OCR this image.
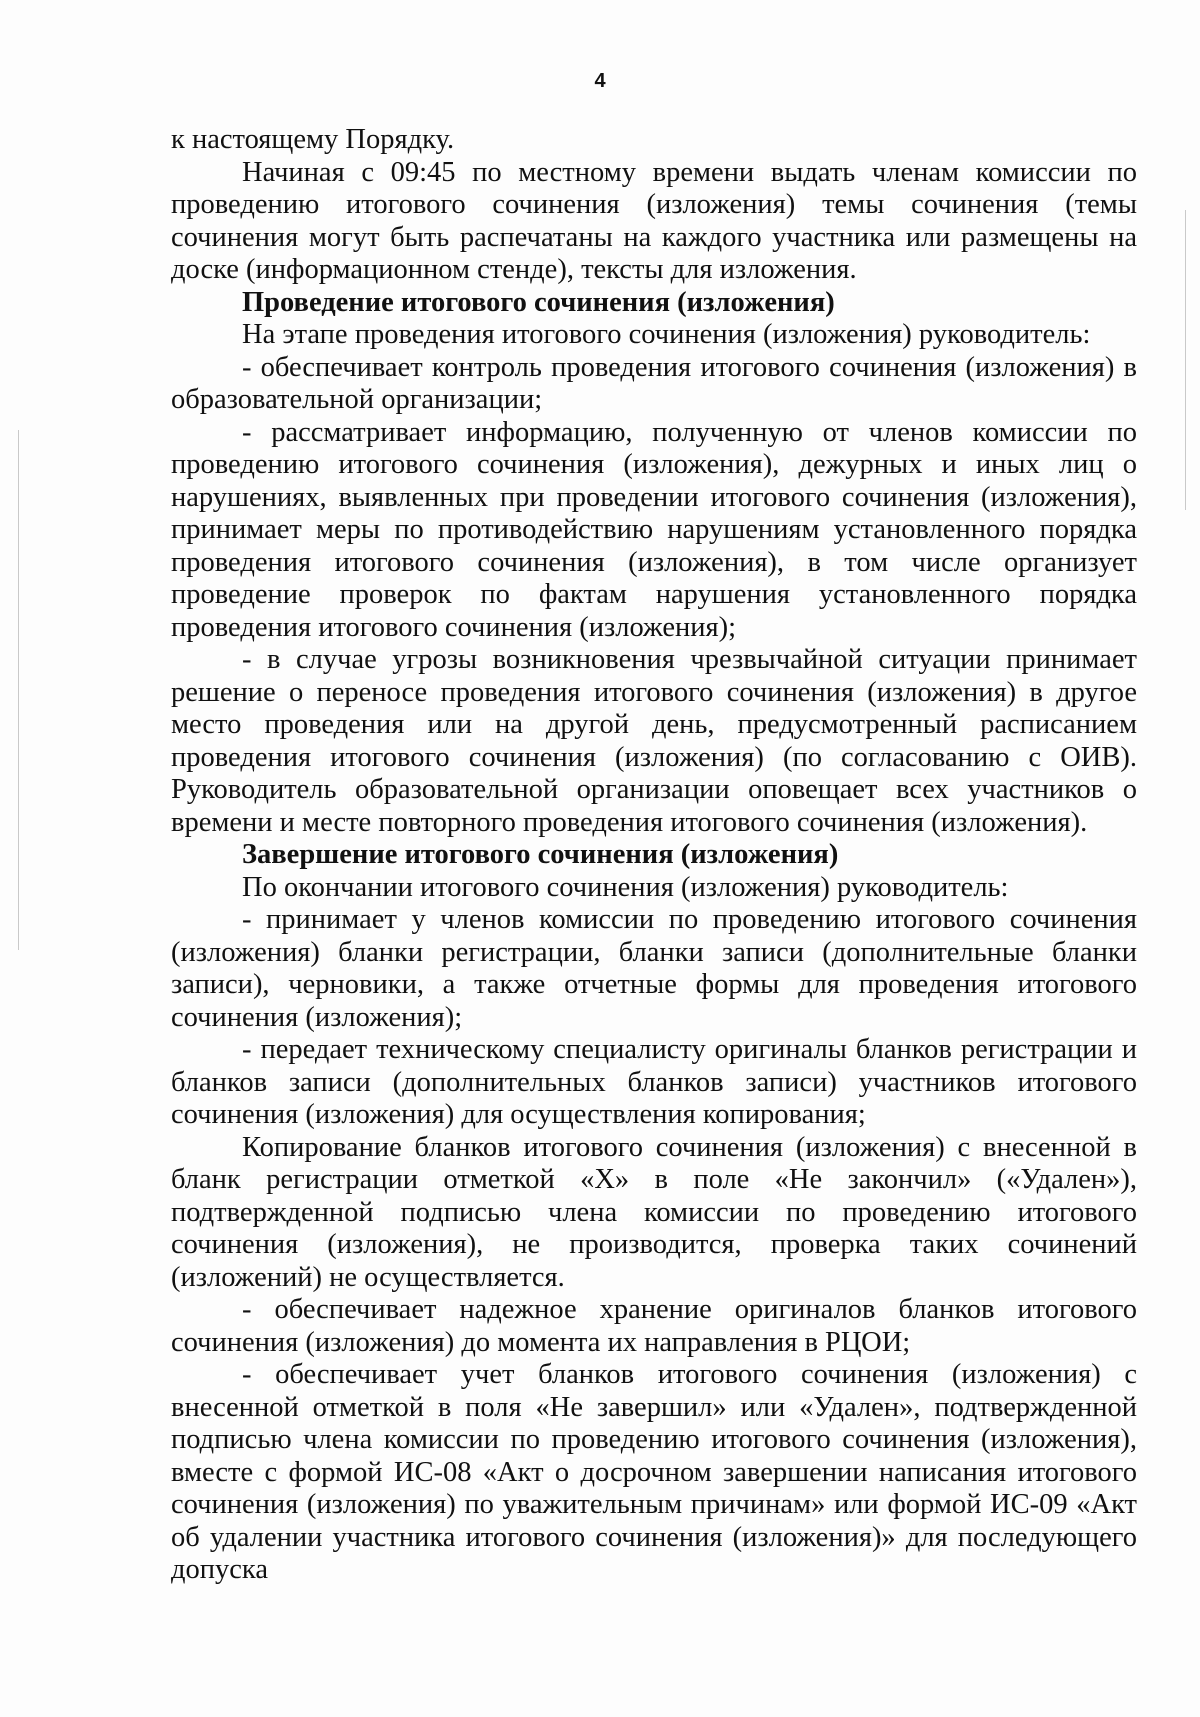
4

к настоящему Порядку.

Начиная с 09:45 по местному времени выдать членам комиссии по проведению итогового сочинения (изложения) темы сочинения (темы сочинения могут быть распечатаны на каждого участника или размещены на доске (информационном стенде), тексты для изложения.

Проведение итогового сочинения (изложения)

На этапе проведения итогового сочинения (изложения) руководитель:

- обеспечивает контроль проведения итогового сочинения (изложения) в образовательной организации;

- рассматривает информацию, полученную от членов комиссии по проведению итогового сочинения (изложения), дежурных и иных лиц о нарушениях, выявленных при проведении итогового сочинения (изложения), принимает меры по противодействию нарушениям установленного порядка проведения итогового сочинения (изложения), в том числе организует проведение проверок по фактам нарушения установленного порядка проведения итогового сочинения (изложения);

- в случае угрозы возникновения чрезвычайной ситуации принимает решение о переносе проведения итогового сочинения (изложения) в другое место проведения или на другой день, предусмотренный расписанием проведения итогового сочинения (изложения) (по согласованию с ОИВ). Руководитель образовательной организации оповещает всех участников о времени и месте повторного проведения итогового сочинения (изложения).

Завершение итогового сочинения (изложения)

По окончании итогового сочинения (изложения) руководитель:

- принимает у членов комиссии по проведению итогового сочинения (изложения) бланки регистрации, бланки записи (дополнительные бланки записи), черновики, а также отчетные формы для проведения итогового сочинения (изложения);

- передает техническому специалисту оригиналы бланков регистрации и бланков записи (дополнительных бланков записи) участников итогового сочинения (изложения) для осуществления копирования;

Копирование бланков итогового сочинения (изложения) с внесенной в бланк регистрации отметкой «X» в поле «Не закончил» («Удален»), подтвержденной подписью члена комиссии по проведению итогового сочинения (изложения), не производится, проверка таких сочинений (изложений) не осуществляется.

- обеспечивает надежное хранение оригиналов бланков итогового сочинения (изложения) до момента их направления в РЦОИ;

- обеспечивает учет бланков итогового сочинения (изложения) с внесенной отметкой в поля «Не завершил» или «Удален», подтвержденной подписью члена комиссии по проведению итогового сочинения (изложения), вместе с формой ИС-08 «Акт о досрочном завершении написания итогового сочинения (изложения) по уважительным причинам» или формой ИС-09 «Акт об удалении участника итогового сочинения (изложения)» для последующего допуска
